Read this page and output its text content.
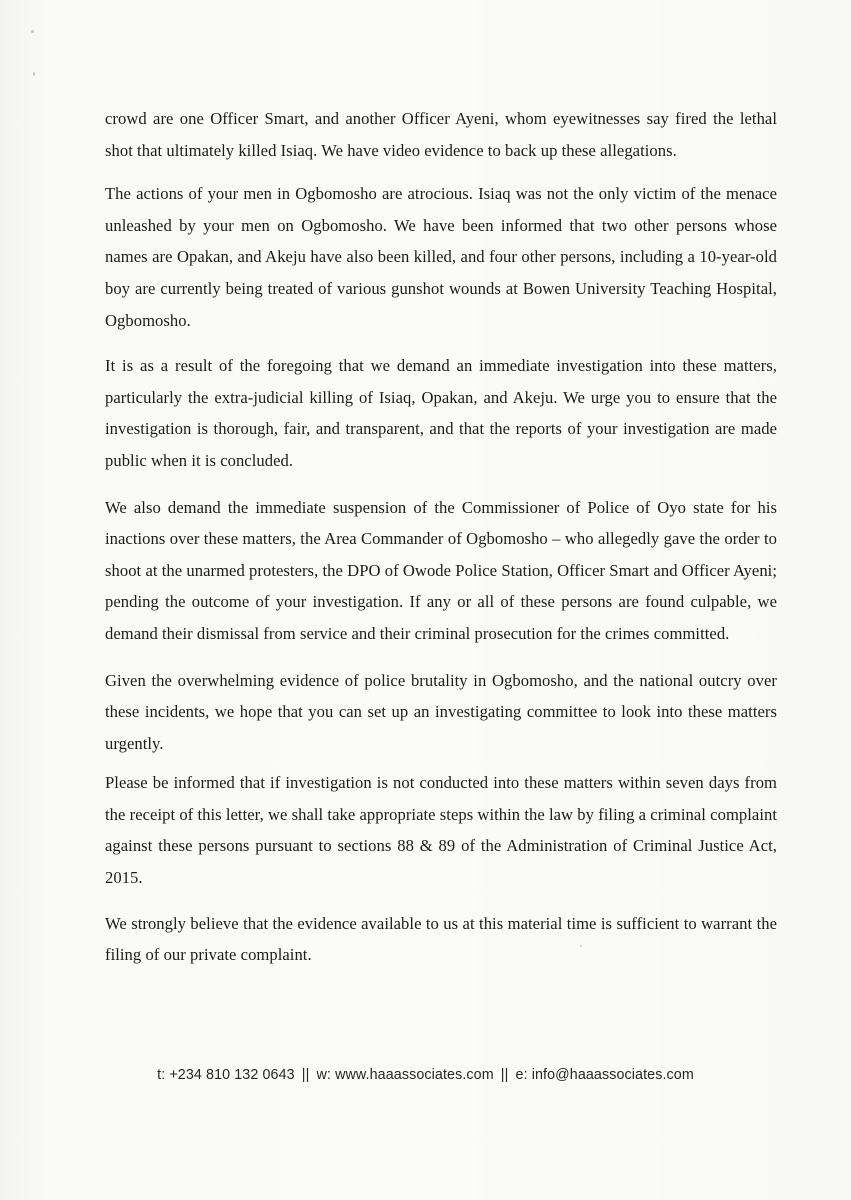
crowd are one Officer Smart, and another Officer Ayeni, whom eyewitnesses say fired the lethal shot that ultimately killed Isiaq. We have video evidence to back up these allegations.

The actions of your men in Ogbomosho are atrocious. Isiaq was not the only victim of the menace unleashed by your men on Ogbomosho. We have been informed that two other persons whose names are Opakan, and Akeju have also been killed, and four other persons, including a 10-year-old boy are currently being treated of various gunshot wounds at Bowen University Teaching Hospital, Ogbomosho.

It is as a result of the foregoing that we demand an immediate investigation into these matters, particularly the extra-judicial killing of Isiaq, Opakan, and Akeju. We urge you to ensure that the investigation is thorough, fair, and transparent, and that the reports of your investigation are made public when it is concluded.

We also demand the immediate suspension of the Commissioner of Police of Oyo state for his inactions over these matters, the Area Commander of Ogbomosho – who allegedly gave the order to shoot at the unarmed protesters, the DPO of Owode Police Station, Officer Smart and Officer Ayeni; pending the outcome of your investigation. If any or all of these persons are found culpable, we demand their dismissal from service and their criminal prosecution for the crimes committed.

Given the overwhelming evidence of police brutality in Ogbomosho, and the national outcry over these incidents, we hope that you can set up an investigating committee to look into these matters urgently.

Please be informed that if investigation is not conducted into these matters within seven days from the receipt of this letter, we shall take appropriate steps within the law by filing a criminal complaint against these persons pursuant to sections 88 & 89 of the Administration of Criminal Justice Act, 2015.

We strongly believe that the evidence available to us at this material time is sufficient to warrant the filing of our private complaint.

t: +234 810 132 0643 || w: www.haaassociates.com || e: info@haaassociates.com
